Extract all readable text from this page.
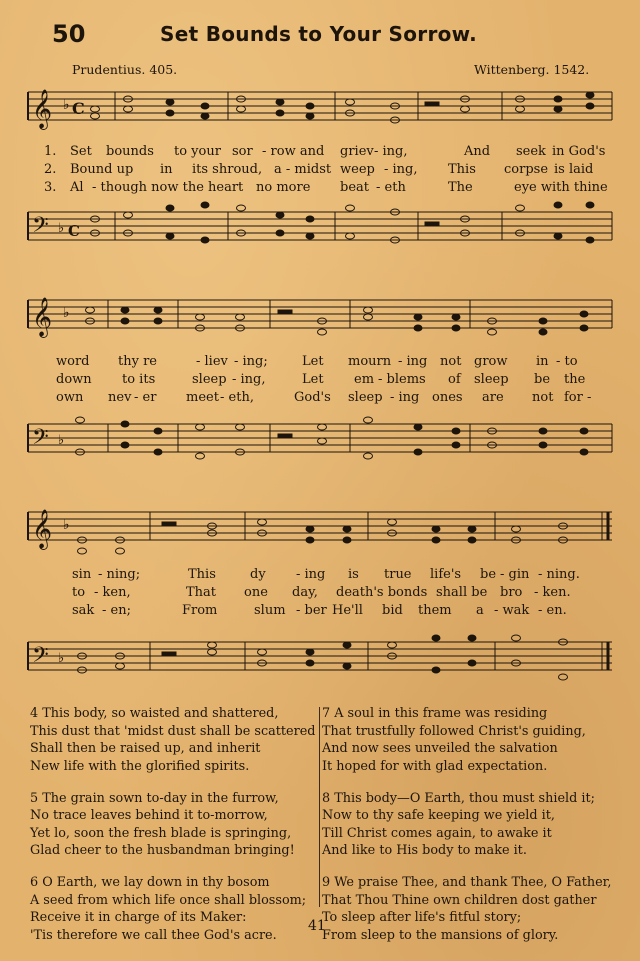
50	Set Bounds to Your Sorrow.
Prudentius. 405.	Wittenberg. 1542.
𝄞 ♭ C
1. Set bounds to your sor - row and griev - ing,	And seek in God's
2. Bound up in its shroud, a - midst weep - ing, This corpse is laid
3. Al - though now the heart no more beat - eth	The	eye with thine
𝄢 ♭ C
𝄞 ♭
word thy re	- liev - ing;	Let mourn - ing not grow in - to
down to its	sleep - ing,	Let em - blems of sleep be the
own nev - er meet - eth,	God's sleep - ing ones are not for -
𝄢 ♭
𝄞 ♭
sin - ning;	This	dy - ing is true life's be - gin - ning.
to - ken,	That one day, death's bonds shall be bro - ken.
sak - en;	From	slum - ber He'll bid them a - wak - en.
𝄢 ♭
4 This body, so waisted and shattered,
This dust that 'midst dust shall be scattered
Shall then be raised up, and inherit
New life with the glorified spirits.
5 The grain sown to-day in the furrow,
No trace leaves behind it to-morrow,
Yet lo, soon the fresh blade is springing,
Glad cheer to the husbandman bringing!
6 O Earth, we lay down in thy bosom
A seed from which life once shall blossom;
Receive it in charge of its Maker:
'Tis therefore we call thee God's acre.
7 A soul in this frame was residing
That trustfully followed Christ's guiding,
And now sees unveiled the salvation
It hoped for with glad expectation.
8 This body—O Earth, thou must shield it;
Now to thy safe keeping we yield it,
Till Christ comes again, to awake it
And like to His body to make it.
9 We praise Thee, and thank Thee, O Father,
That Thou Thine own children dost gather
To sleep after life's fitful story;
From sleep to the mansions of glory.
41
